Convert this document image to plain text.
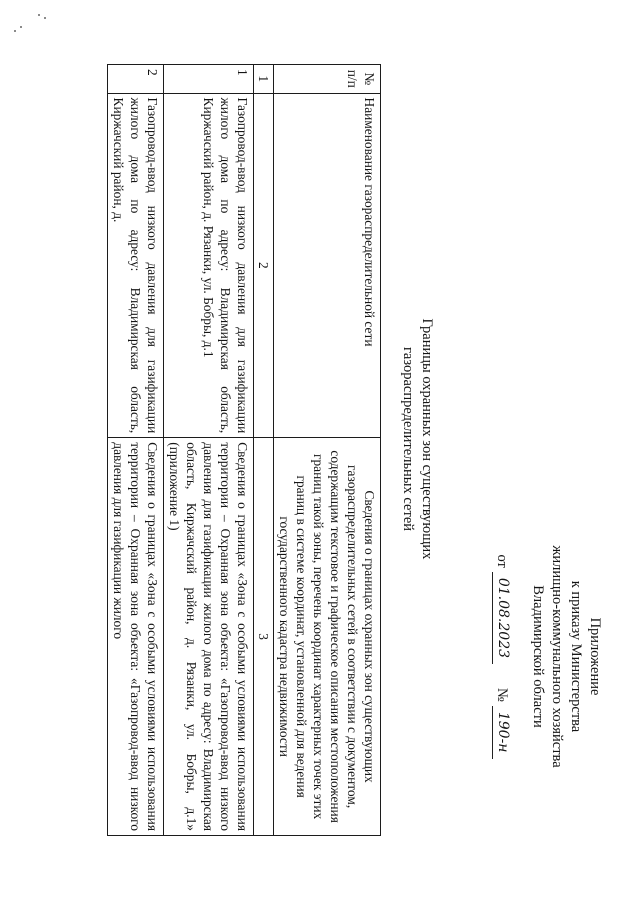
Приложение
к приказу Министерства
жилищно-коммунального хозяйства
Владимирской области
от
01.08.2023
№
190-н
Границы охранных зон существующих
газораспределительных сетей
№ п/п	Наименование газораспределительной сети	Сведения о границах охранных зон существующих газораспределительных сетей в соответствии с документом, содержащим текстовое и графическое описания местоположения границ такой зоны, перечень координат характерных точек этих границ в системе координат, установленной для ведения государственного кадастра недвижимости
1	2	3
1	Газопровод-ввод низкого давления для газификации жилого дома по адресу: Владимирская область, Киржачский район, д. Рязанки, ул. Бобры, д.1	Сведения о границах «Зона с особыми условиями использования территории – Охранная зона объекта: «Газопровод-ввод низкого давления для газификации жилого дома по адресу: Владимирская область, Киржачский район, д. Рязанки, ул. Бобры, д.1» (приложение 1)
2	Газопровод-ввод низкого давления для газификации жилого дома по адресу: Владимирская область, Киржачский район, д.	Сведения о границах «Зона с особыми условиями использования территории – Охранная зона объекта: «Газопровод-ввод низкого давления для газификации жилого
